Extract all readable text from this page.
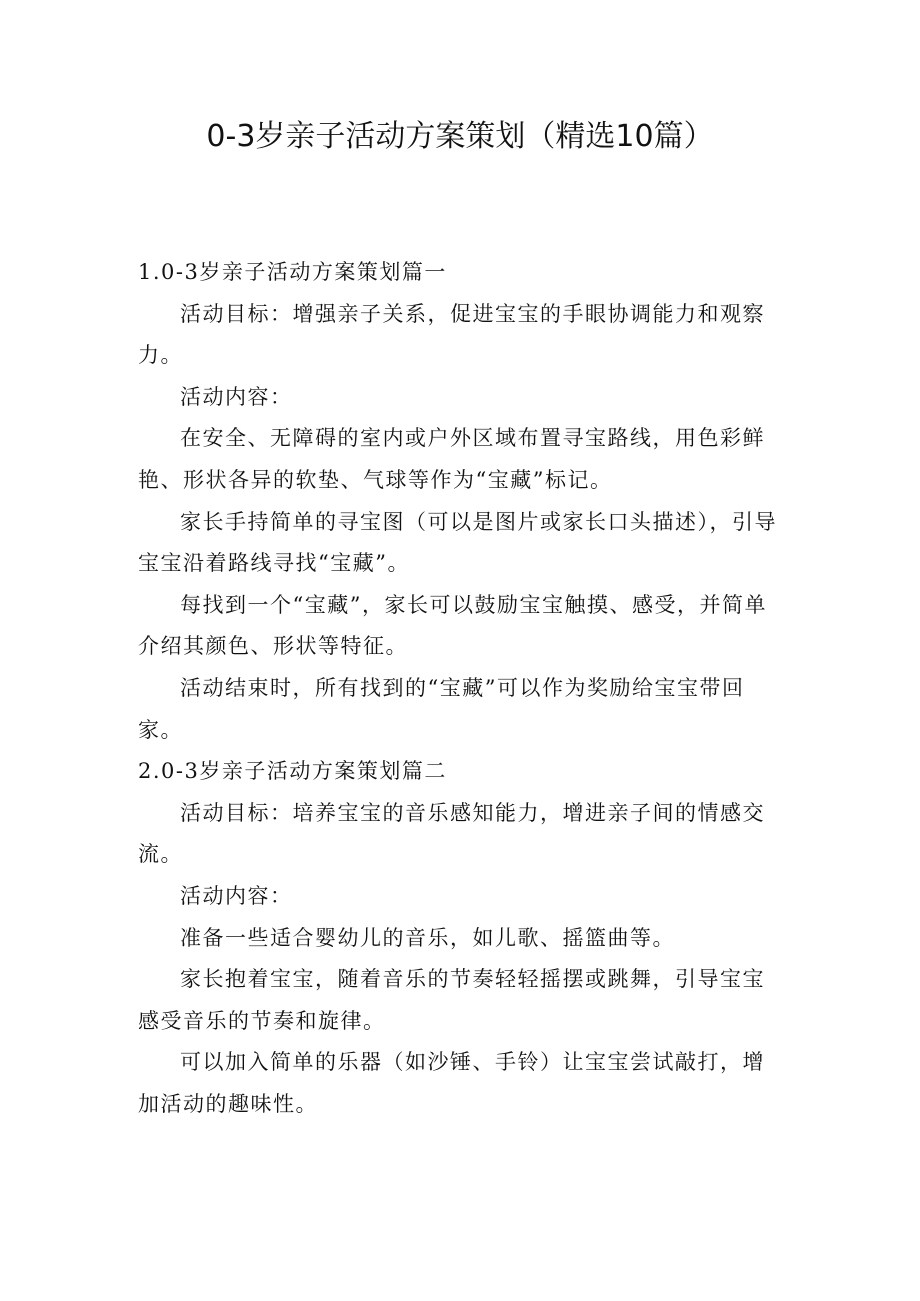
0-3岁亲子活动方案策划（精选10篇）
1.0-3岁亲子活动方案策划篇一

活动目标：增强亲子关系，促进宝宝的手眼协调能力和观察力。

活动内容：

在安全、无障碍的室内或户外区域布置寻宝路线，用色彩鲜艳、形状各异的软垫、气球等作为“宝藏”标记。

家长手持简单的寻宝图（可以是图片或家长口头描述），引导宝宝沿着路线寻找“宝藏”。

每找到一个“宝藏”，家长可以鼓励宝宝触摸、感受，并简单介绍其颜色、形状等特征。

活动结束时，所有找到的“宝藏”可以作为奖励给宝宝带回家。

2.0-3岁亲子活动方案策划篇二

活动目标：培养宝宝的音乐感知能力，增进亲子间的情感交流。

活动内容：

准备一些适合婴幼儿的音乐，如儿歌、摇篮曲等。

家长抱着宝宝，随着音乐的节奏轻轻摇摆或跳舞，引导宝宝感受音乐的节奏和旋律。

可以加入简单的乐器（如沙锤、手铃）让宝宝尝试敲打，增加活动的趣味性。
